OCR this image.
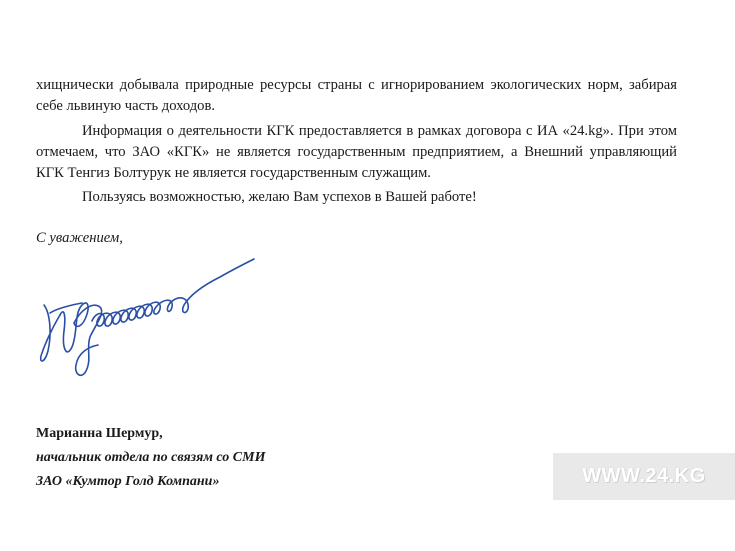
хищнически добывала природные ресурсы страны с игнорированием экологических норм, забирая себе львиную часть доходов.

Информация о деятельности КГК предоставляется в рамках договора с ИА «24.kg». При этом отмечаем, что ЗАО «КГК» не является государственным предприятием, а Внешний управляющий КГК Тенгиз Болтурук не является государственным служащим.

Пользуясь возможностью, желаю Вам успехов в Вашей работе!

С уважением,
Марианна Шермур,
начальник отдела по связям со СМИ
ЗАО «Кумтор Голд Компани»	WWW.24.KG
